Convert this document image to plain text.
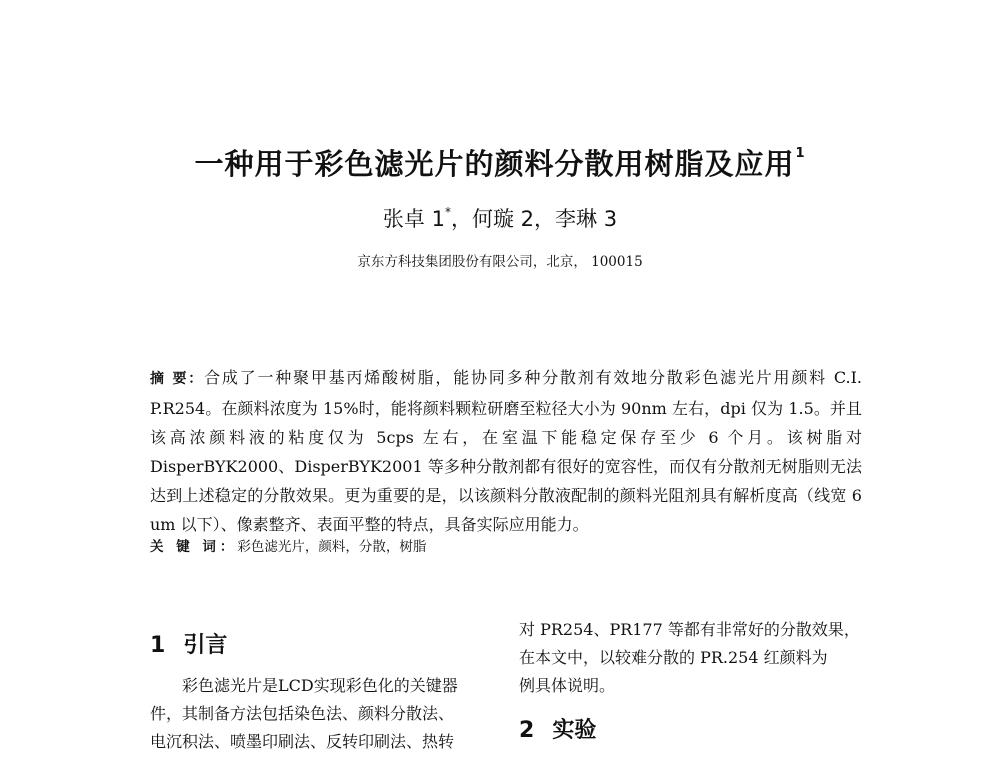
一种用于彩色滤光片的颜料分散用树脂及应用$^1$
张卓 1*，何璇 2，李琳 3
京东方科技集团股份有限公司，北京， 100015
摘 要：合成了一种聚甲基丙烯酸树脂，能协同多种分散剂有效地分散彩色滤光片用颜料 C.I. P.R254。在颜料浓度为 15%时，能将颜料颗粒研磨至粒径大小为 90nm 左右，dpi 仅为 1.5。并且该高浓颜料液的粘度仅为 5cps 左右，在室温下能稳定保存至少 6 个月。该树脂对 DisperBYK2000、DisperBYK2001 等多种分散剂都有很好的宽容性，而仅有分散剂无树脂则无法达到上述稳定的分散效果。更为重要的是，以该颜料分散液配制的颜料光阻剂具有解析度高（线宽 6 um 以下）、像素整齐、表面平整的特点，具备实际应用能力。
关 键 词：彩色滤光片，颜料，分散，树脂
1 引言
彩色滤光片是LCD实现彩色化的关键器
件，其制备方法包括染色法、颜料分散法、
电沉积法、喷墨印刷法、反转印刷法、热转
对 PR254、PR177 等都有非常好的分散效果，
在本文中，以较难分散的 PR.254 红颜料为
例具体说明。
2 实验
